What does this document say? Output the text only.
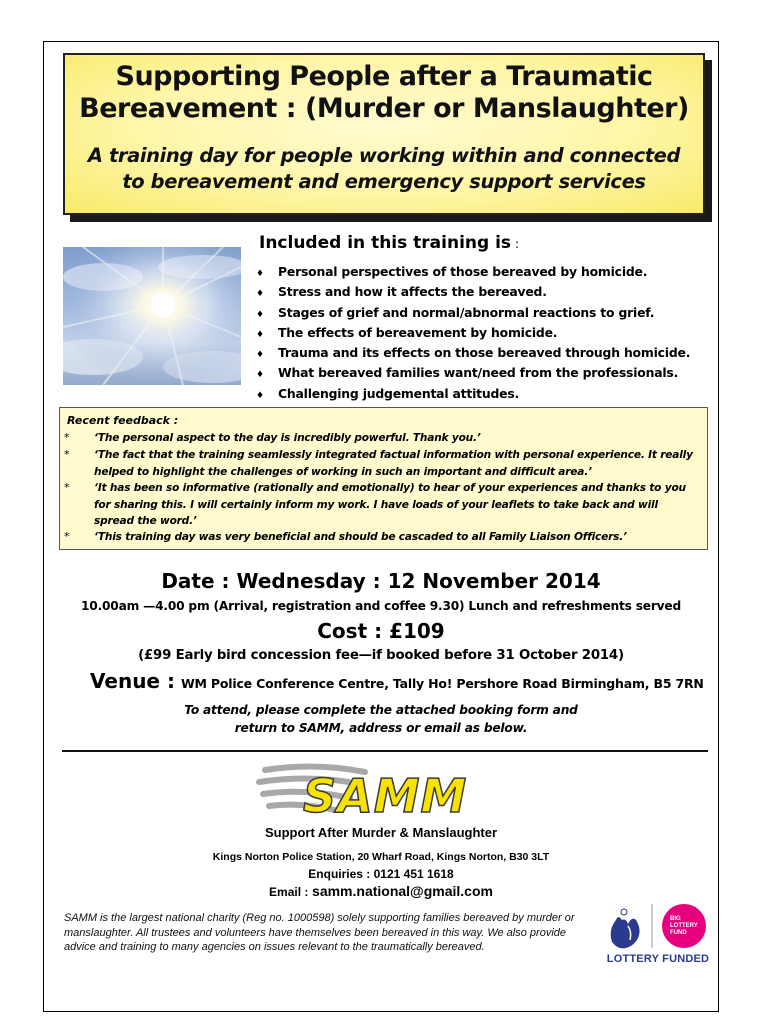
Supporting People after a Traumatic
Bereavement : (Murder or Manslaughter)
A training day for people working within and connected
to bereavement and emergency support services
Included in this training is :
♦ Personal perspectives of those bereaved by homicide.
♦ Stress and how it affects the bereaved.
♦ Stages of grief and normal/abnormal reactions to grief.
♦ The effects of bereavement by homicide.
♦ Trauma and its effects on those bereaved through homicide.
♦ What bereaved families want/need from the professionals.
♦ Challenging judgemental attitudes.
Recent feedback :
* ‘The personal aspect to the day is incredibly powerful. Thank you.’
* ‘The fact that the training seamlessly integrated factual information with personal experience. It really helped to highlight the challenges of working in such an important and difficult area.’
* ‘It has been so informative (rationally and emotionally) to hear of your experiences and thanks to you for sharing this. I will certainly inform my work. I have loads of your leaflets to take back and will spread the word.’
* ‘This training day was very beneficial and should be cascaded to all Family Liaison Officers.’
Date : Wednesday : 12 November 2014
10.00am —4.00 pm (Arrival, registration and coffee 9.30) Lunch and refreshments served
Cost : £109
(£99 Early bird concession fee—if booked before 31 October 2014)
Venue : WM Police Conference Centre, Tally Ho! Pershore Road Birmingham, B5 7RN
To attend, please complete the attached booking form and
return to SAMM, address or email as below.
SAMM
Support After Murder & Manslaughter
Kings Norton Police Station, 20 Wharf Road, Kings Norton, B30 3LT
Enquiries : 0121 451 1618
Email : samm.national@gmail.com
SAMM is the largest national charity (Reg no. 1000598) solely supporting families bereaved by murder or manslaughter. All trustees and volunteers have themselves been bereaved in this way. We also provide advice and training to many agencies on issues relevant to the traumatically bereaved.
BIG
LOTTERY
FUND
LOTTERY FUNDED
